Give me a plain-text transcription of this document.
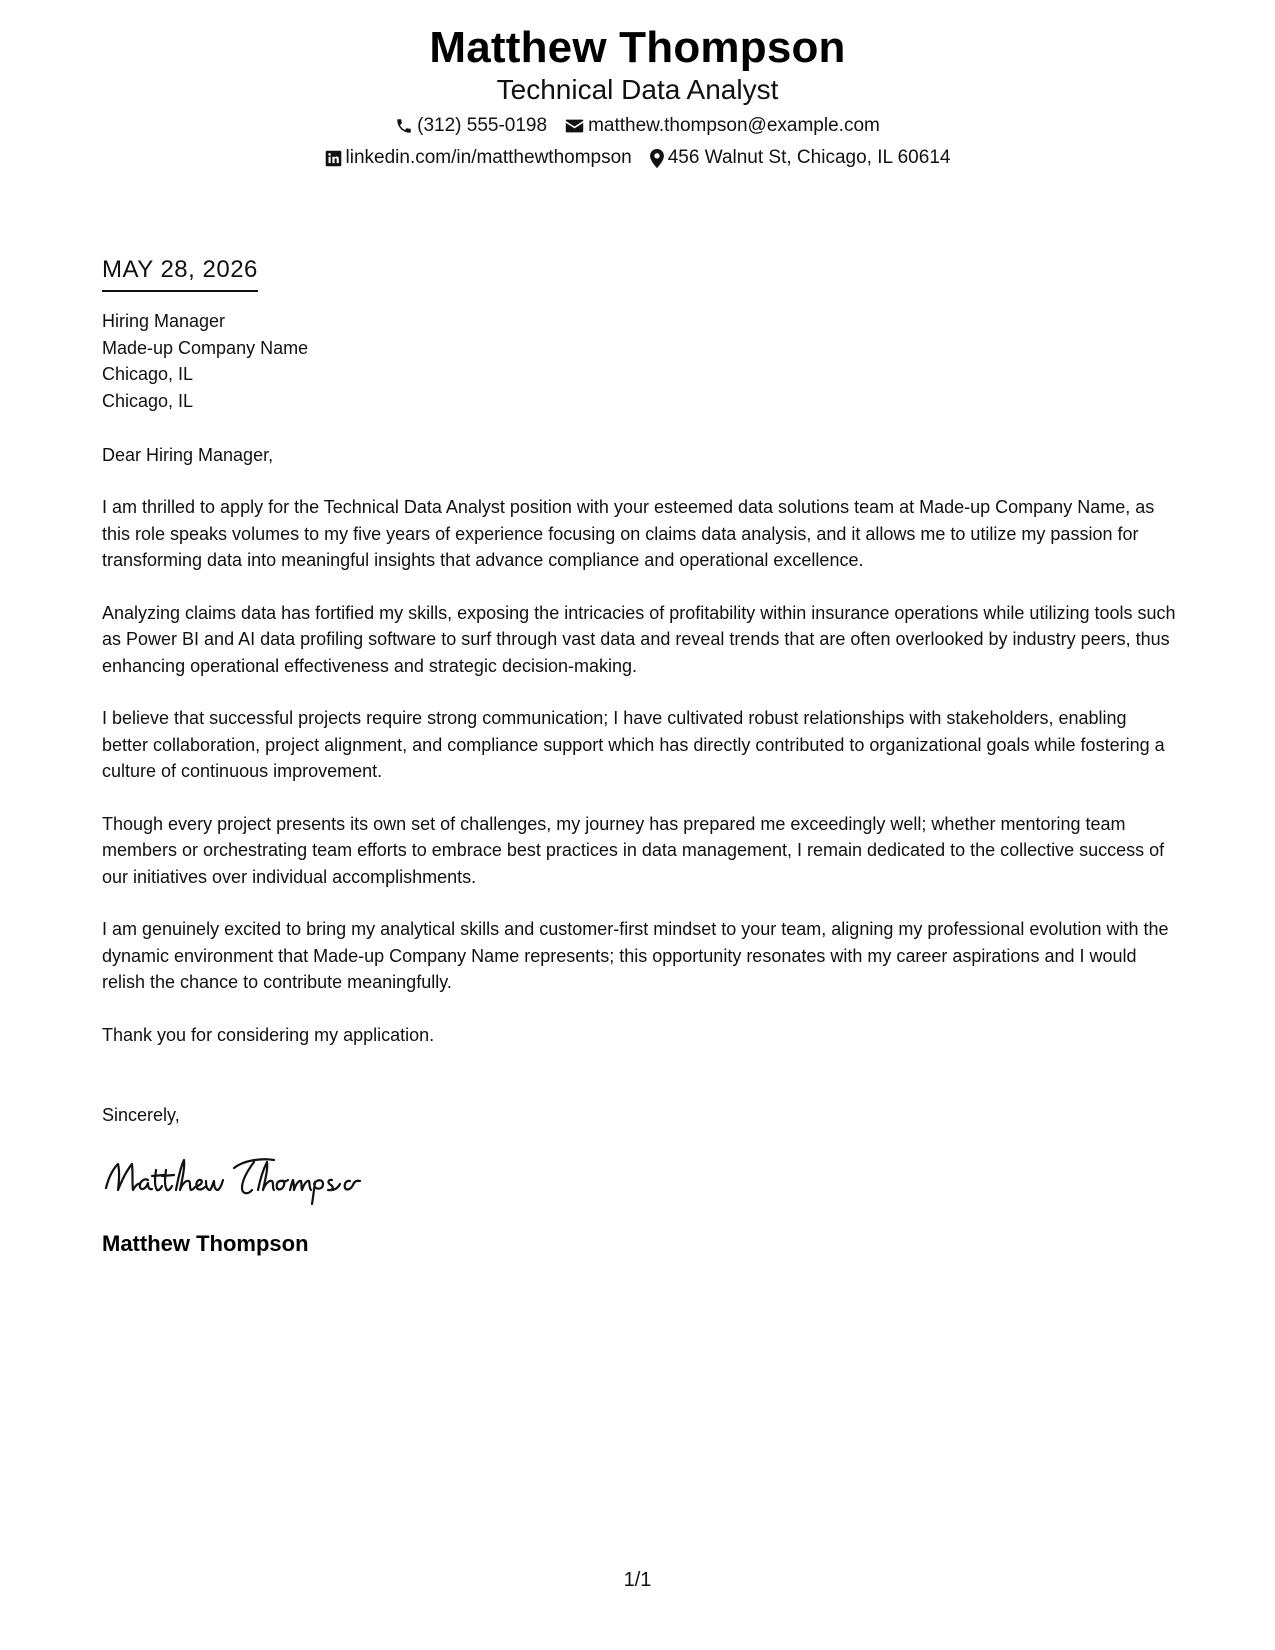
Matthew Thompson
Technical Data Analyst
(312) 555-0198 matthew.thompson@example.com
linkedin.com/in/matthewthompson 456 Walnut St, Chicago, IL 60614
MAY 28, 2026
Hiring Manager
Made-up Company Name
Chicago, IL
Chicago, IL
Dear Hiring Manager,
I am thrilled to apply for the Technical Data Analyst position with your esteemed data solutions team at Made-up Company Name, as this role speaks volumes to my five years of experience focusing on claims data analysis, and it allows me to utilize my passion for transforming data into meaningful insights that advance compliance and operational excellence.
Analyzing claims data has fortified my skills, exposing the intricacies of profitability within insurance operations while utilizing tools such as Power BI and AI data profiling software to surf through vast data and reveal trends that are often overlooked by industry peers, thus enhancing operational effectiveness and strategic decision-making.
I believe that successful projects require strong communication; I have cultivated robust relationships with stakeholders, enabling better collaboration, project alignment, and compliance support which has directly contributed to organizational goals while fostering a culture of continuous improvement.
Though every project presents its own set of challenges, my journey has prepared me exceedingly well; whether mentoring team members or orchestrating team efforts to embrace best practices in data management, I remain dedicated to the collective success of our initiatives over individual accomplishments.
I am genuinely excited to bring my analytical skills and customer-first mindset to your team, aligning my professional evolution with the dynamic environment that Made-up Company Name represents; this opportunity resonates with my career aspirations and I would relish the chance to contribute meaningfully.
Thank you for considering my application.
Sincerely,
Matthew Thompson
1/1
